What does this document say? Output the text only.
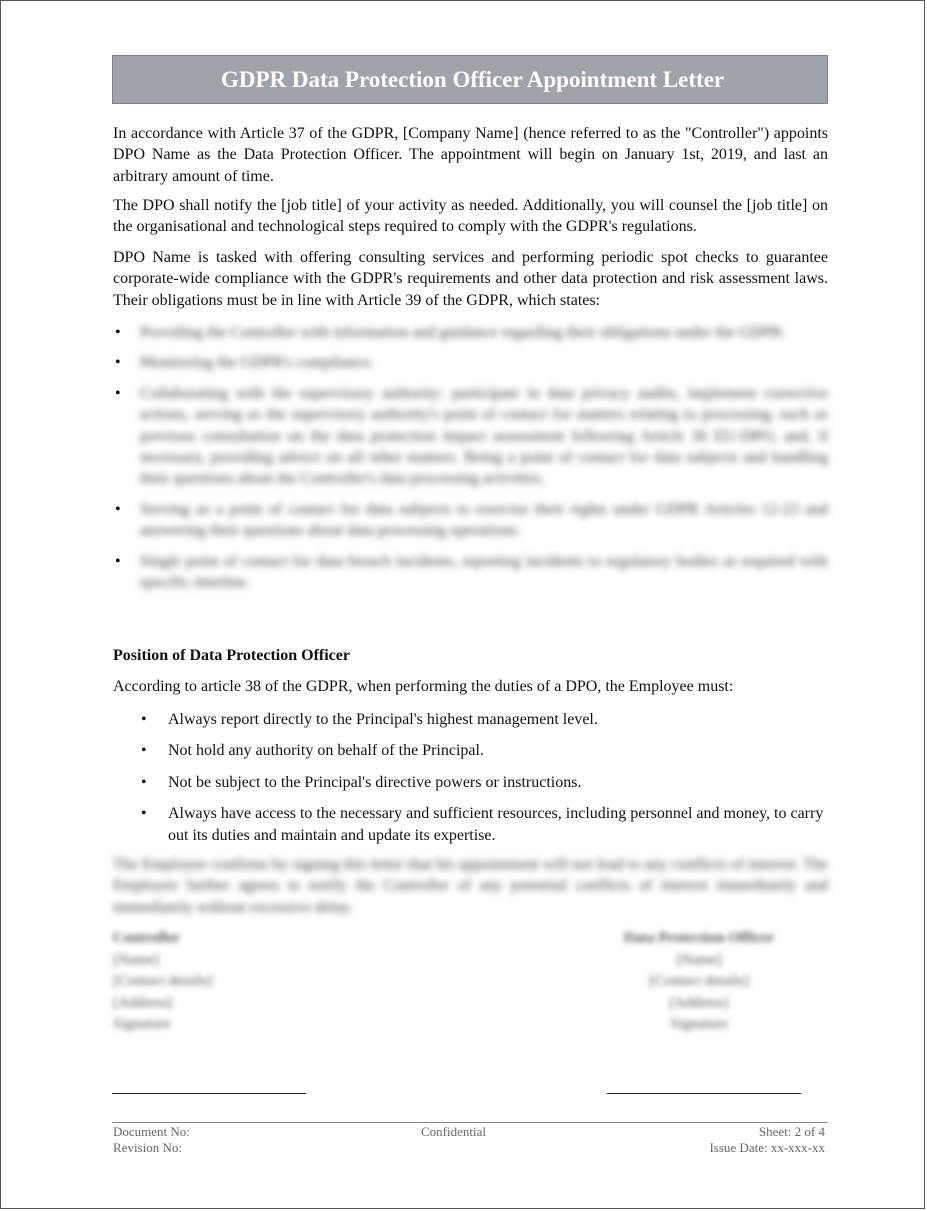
GDPR Data Protection Officer Appointment Letter
In accordance with Article 37 of the GDPR, [Company Name] (hence referred to as the "Controller") appoints DPO Name as the Data Protection Officer. The appointment will begin on January 1st, 2019, and last an arbitrary amount of time.
The DPO shall notify the [job title] of your activity as needed. Additionally, you will counsel the [job title] on the organisational and technological steps required to comply with the GDPR's regulations.
DPO Name is tasked with offering consulting services and performing periodic spot checks to guarantee corporate-wide compliance with the GDPR's requirements and other data protection and risk assessment laws. Their obligations must be in line with Article 39 of the GDPR, which states:
• Providing the Controller with information and guidance regarding their obligations under the GDPR.
• Monitoring the GDPR's compliance.
• Collaborating with the supervisory authority: participate in data privacy audits, implement corrective actions, serving as the supervisory authority's point of contact for matters relating to processing, such as previous consultation on the data protection impact assessment following Article 36 EU-DPO, and, if necessary, providing advice on all other matters. Being a point of contact for data subjects and handling their questions about the Controller's data processing activities.
• Serving as a point of contact for data subjects to exercise their rights under GDPR Articles 12-23 and answering their questions about data processing operations.
• Single point of contact for data breach incidents, reporting incidents to regulatory bodies as required with specific timeline.
Position of Data Protection Officer
According to article 38 of the GDPR, when performing the duties of a DPO, the Employee must:
• Always report directly to the Principal's highest management level.
• Not hold any authority on behalf of the Principal.
• Not be subject to the Principal's directive powers or instructions.
• Always have access to the necessary and sufficient resources, including personnel and money, to carry out its duties and maintain and update its expertise.
The Employee confirms by signing this letter that his appointment will not lead to any conflicts of interest. The Employee further agrees to notify the Controller of any potential conflicts of interest immediately and immediately without excessive delay.
Controller
[Name]
[Contact details]
[Address]
Signature
Data Protection Officer
[Name]
[Contact details]
[Address]
Signature
Document No:
Revision No:
Confidential	Sheet: 2 of 4
Issue Date: xx-xxx-xx
